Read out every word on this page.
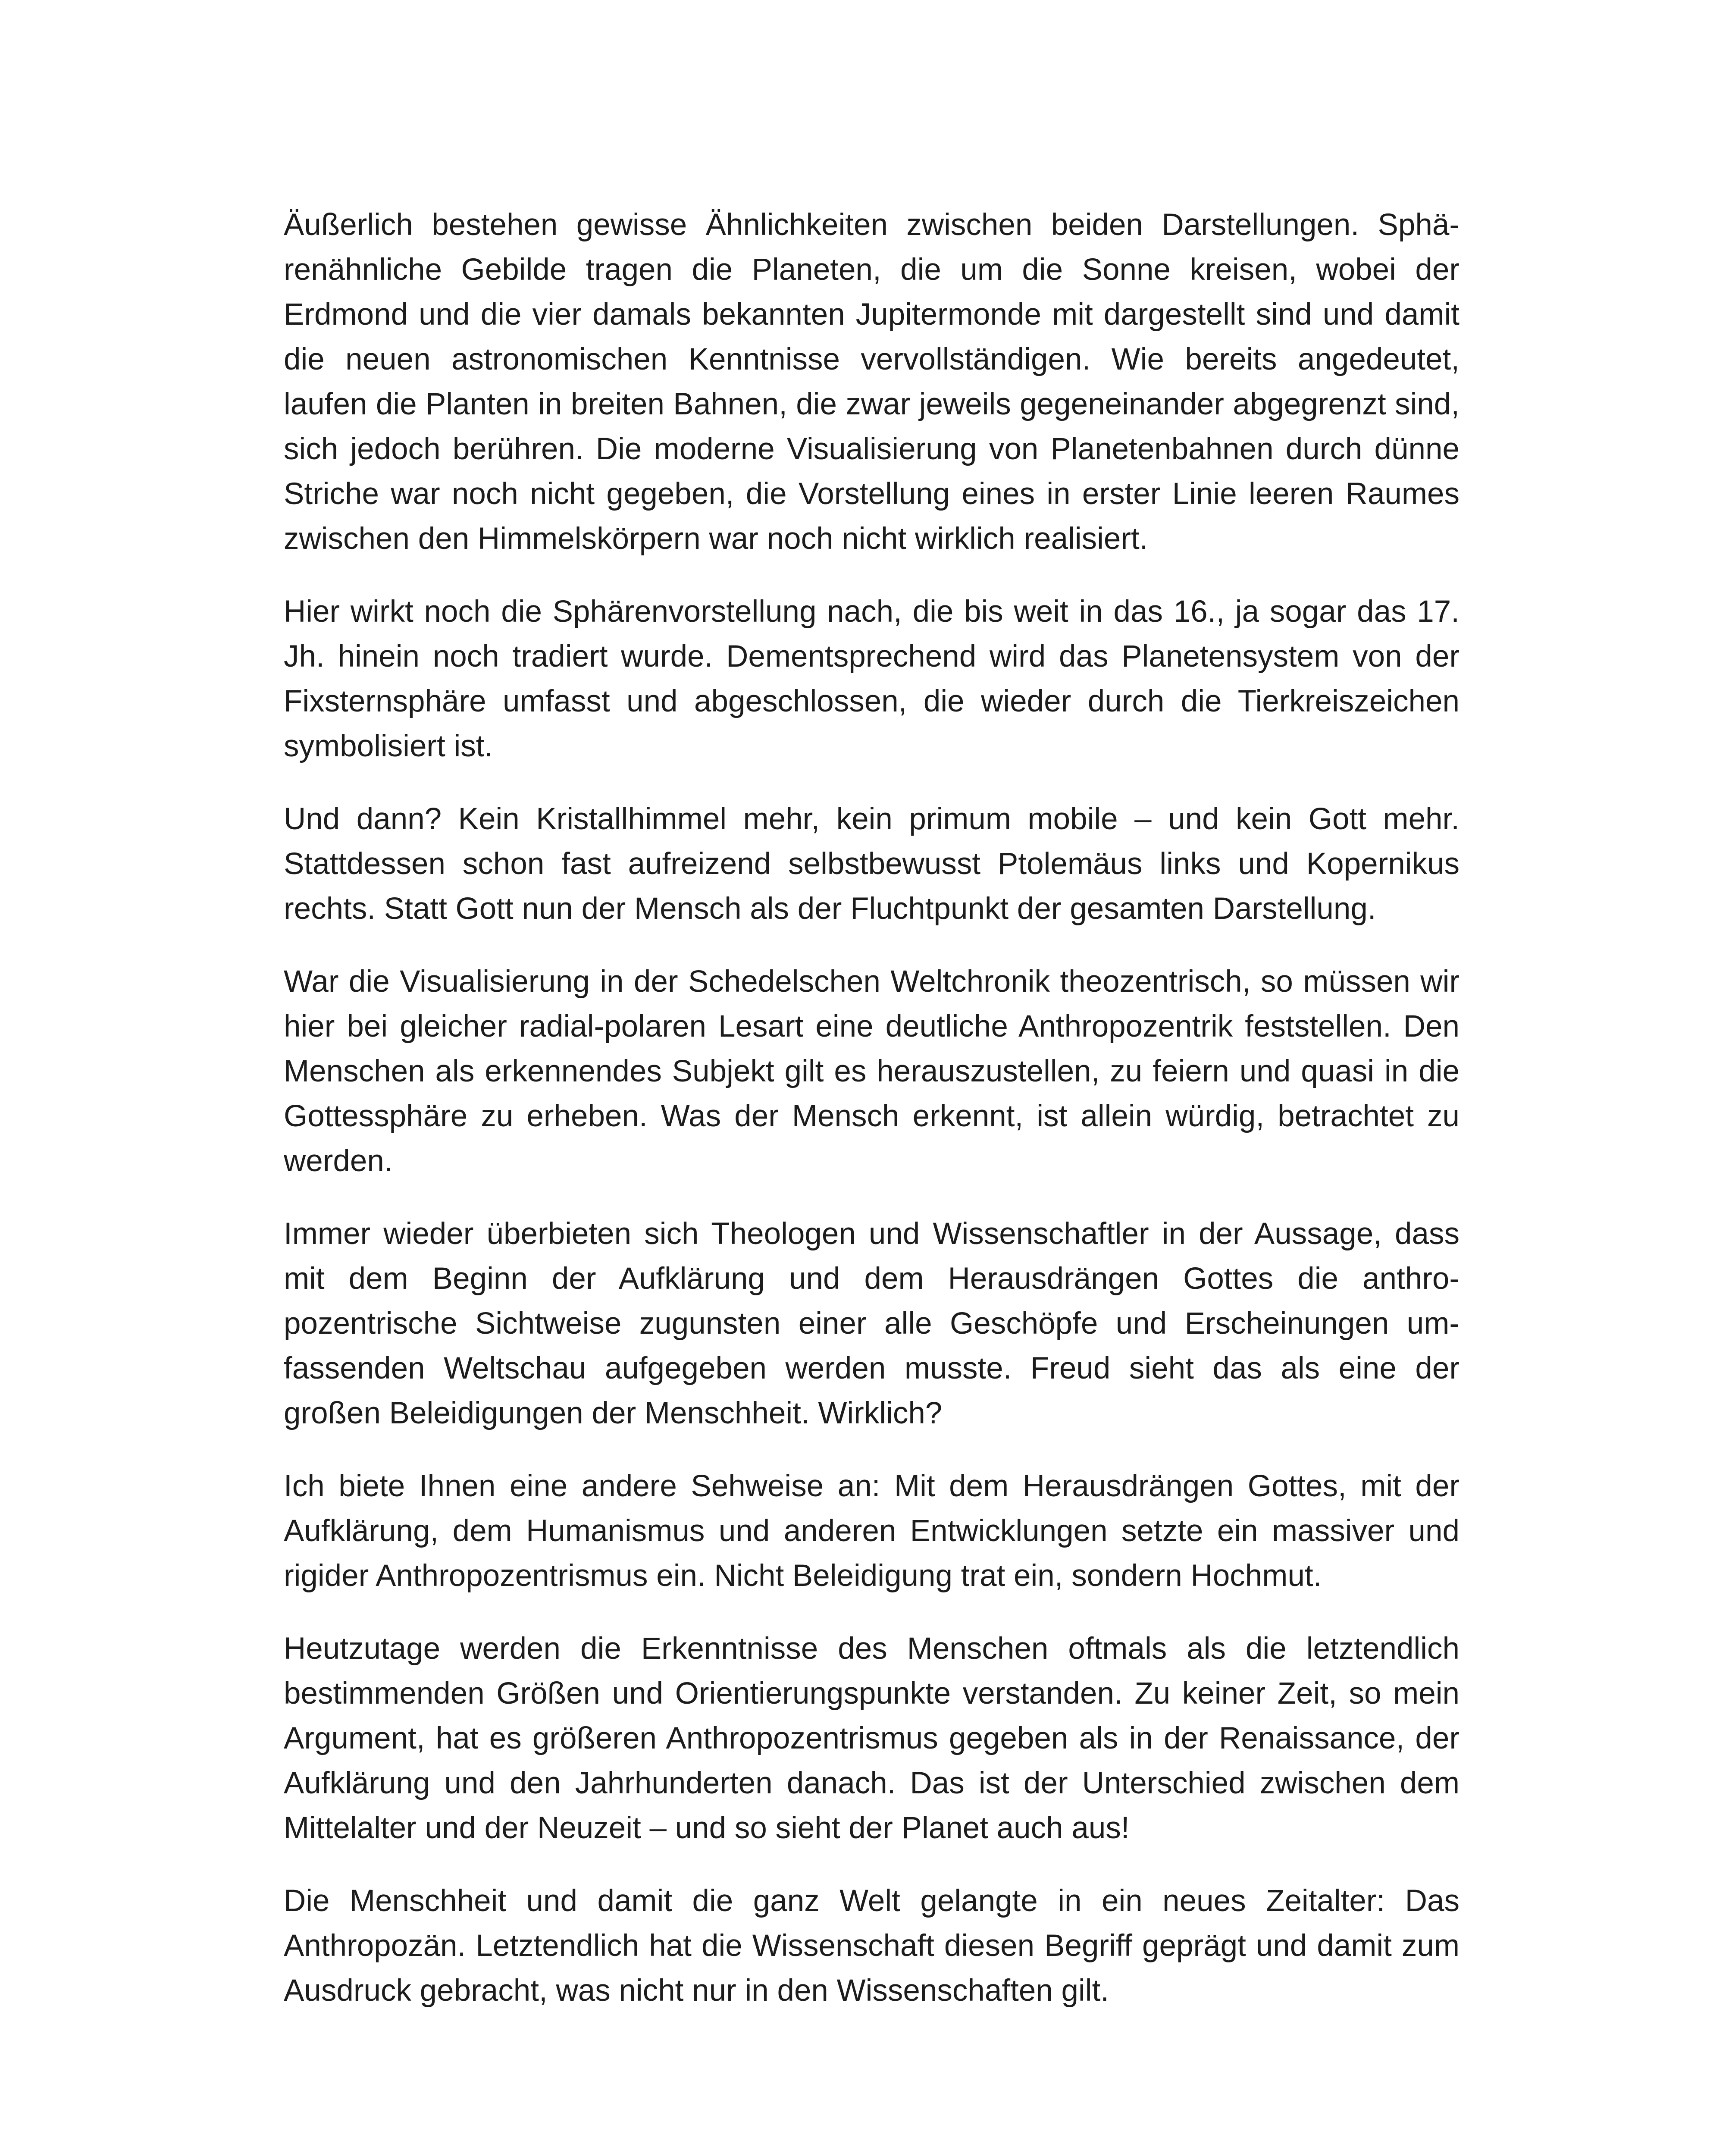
Äußerlich bestehen gewisse Ähnlichkeiten zwischen beiden Darstellungen. Sphärenähnliche Gebilde tragen die Planeten, die um die Sonne kreisen, wobei der Erdmond und die vier damals bekannten Jupitermonde mit dargestellt sind und damit die neuen astronomischen Kenntnisse vervollständigen. Wie bereits angedeutet, laufen die Planten in breiten Bahnen, die zwar jeweils gegeneinander abgegrenzt sind, sich jedoch berühren. Die moderne Visualisierung von Planetenbahnen durch dünne Striche war noch nicht gegeben, die Vorstellung eines in erster Linie leeren Raumes zwischen den Himmelskörpern war noch nicht wirklich realisiert.

Hier wirkt noch die Sphärenvorstellung nach, die bis weit in das 16., ja sogar das 17. Jh. hinein noch tradiert wurde. Dementsprechend wird das Planetensystem von der Fixsternsphäre umfasst und abgeschlossen, die wieder durch die Tierkreiszeichen symbolisiert ist.

Und dann? Kein Kristallhimmel mehr, kein primum mobile – und kein Gott mehr. Stattdessen schon fast aufreizend selbstbewusst Ptolemäus links und Kopernikus rechts. Statt Gott nun der Mensch als der Fluchtpunkt der gesamten Darstellung.

War die Visualisierung in der Schedelschen Weltchronik theozentrisch, so müssen wir hier bei gleicher radial-polaren Lesart eine deutliche Anthropozentrik feststellen. Den Menschen als erkennendes Subjekt gilt es herauszustellen, zu feiern und quasi in die Gottessphäre zu erheben. Was der Mensch erkennt, ist allein würdig, betrachtet zu werden.

Immer wieder überbieten sich Theologen und Wissenschaftler in der Aussage, dass mit dem Beginn der Aufklärung und dem Herausdrängen Gottes die anthropozentrische Sichtweise zugunsten einer alle Geschöpfe und Erscheinungen umfassenden Weltschau aufgegeben werden musste. Freud sieht das als eine der großen Beleidigungen der Menschheit. Wirklich?

Ich biete Ihnen eine andere Sehweise an: Mit dem Herausdrängen Gottes, mit der Aufklärung, dem Humanismus und anderen Entwicklungen setzte ein massiver und rigider Anthropozentrismus ein. Nicht Beleidigung trat ein, sondern Hochmut.

Heutzutage werden die Erkenntnisse des Menschen oftmals als die letztendlich bestimmenden Größen und Orientierungspunkte verstanden. Zu keiner Zeit, so mein Argument, hat es größeren Anthropozentrismus gegeben als in der Renaissance, der Aufklärung und den Jahrhunderten danach. Das ist der Unterschied zwischen dem Mittelalter und der Neuzeit – und so sieht der Planet auch aus!

Die Menschheit und damit die ganz Welt gelangte in ein neues Zeitalter: Das Anthropozän. Letztendlich hat die Wissenschaft diesen Begriff geprägt und damit zum Ausdruck gebracht, was nicht nur in den Wissenschaften gilt.
